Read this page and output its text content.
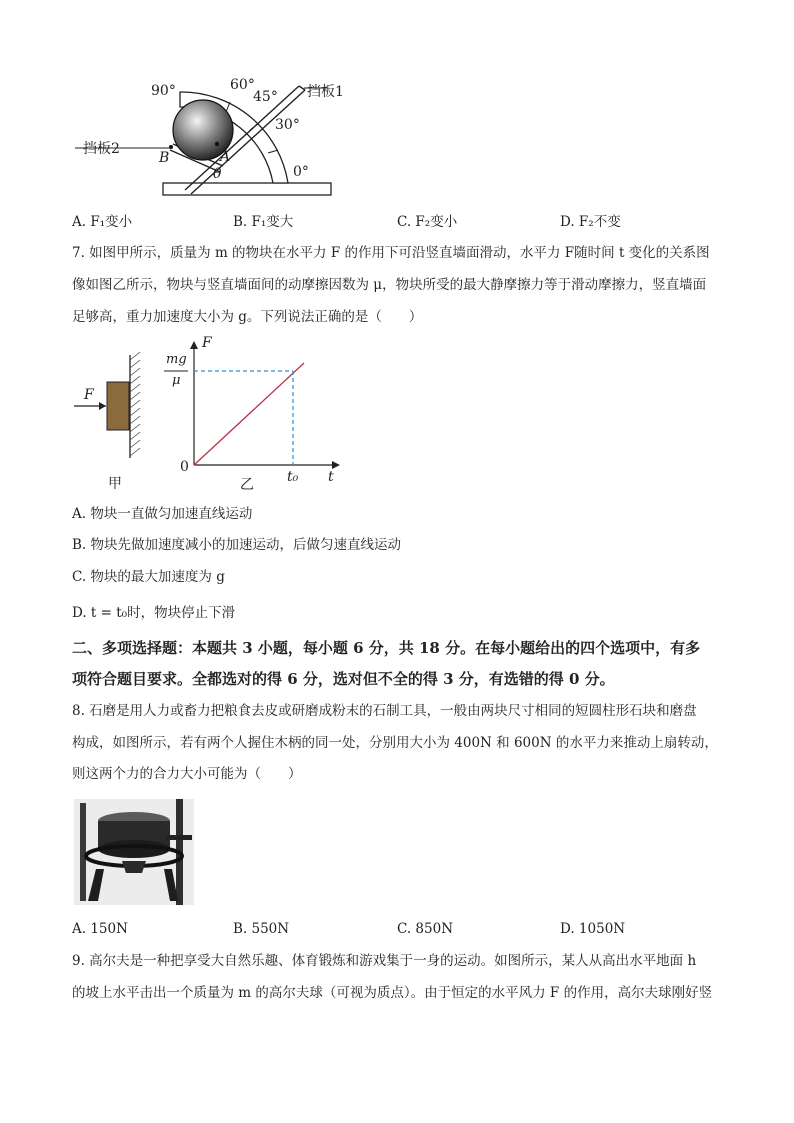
90°	60°
45°
30°
0°
挡板1
挡板2	A
B
θ
A. F₁变小	B. F₁变大	C. F₂变小	D. F₂不变
7. 如图甲所示，质量为 m 的物块在水平力 F 的作用下可沿竖直墙面滑动，水平力 F随时间 t 变化的关系图
像如图乙所示，物块与竖直墙面间的动摩擦因数为 μ，物块所受的最大静摩擦力等于滑动摩擦力，竖直墙面
足够高，重力加速度大小为 g。下列说法正确的是（　　）
F
甲
F
t
0
mg
μ
t₀
乙
A. 物块一直做匀加速直线运动
B. 物块先做加速度减小的加速运动，后做匀速直线运动
C. 物块的最大加速度为 g
D. t = t₀时，物块停止下滑
二、多项选择题：本题共 3 小题，每小题 6 分，共 18 分。在每小题给出的四个选项中，有多
项符合题目要求。全都选对的得 6 分，选对但不全的得 3 分，有选错的得 0 分。
8. 石磨是用人力或畜力把粮食去皮或研磨成粉末的石制工具，一般由两块尺寸相同的短圆柱形石块和磨盘
构成，如图所示，若有两个人握住木柄的同一处，分别用大小为 400N 和 600N 的水平力来推动上扇转动，
则这两个力的合力大小可能为（　　）
A. 150N	B. 550N	C. 850N	D. 1050N
9. 高尔夫是一种把享受大自然乐趣、体育锻炼和游戏集于一身的运动。如图所示，某人从高出水平地面 h
的坡上水平击出一个质量为 m 的高尔夫球（可视为质点）。由于恒定的水平风力 F 的作用，高尔夫球刚好竖
